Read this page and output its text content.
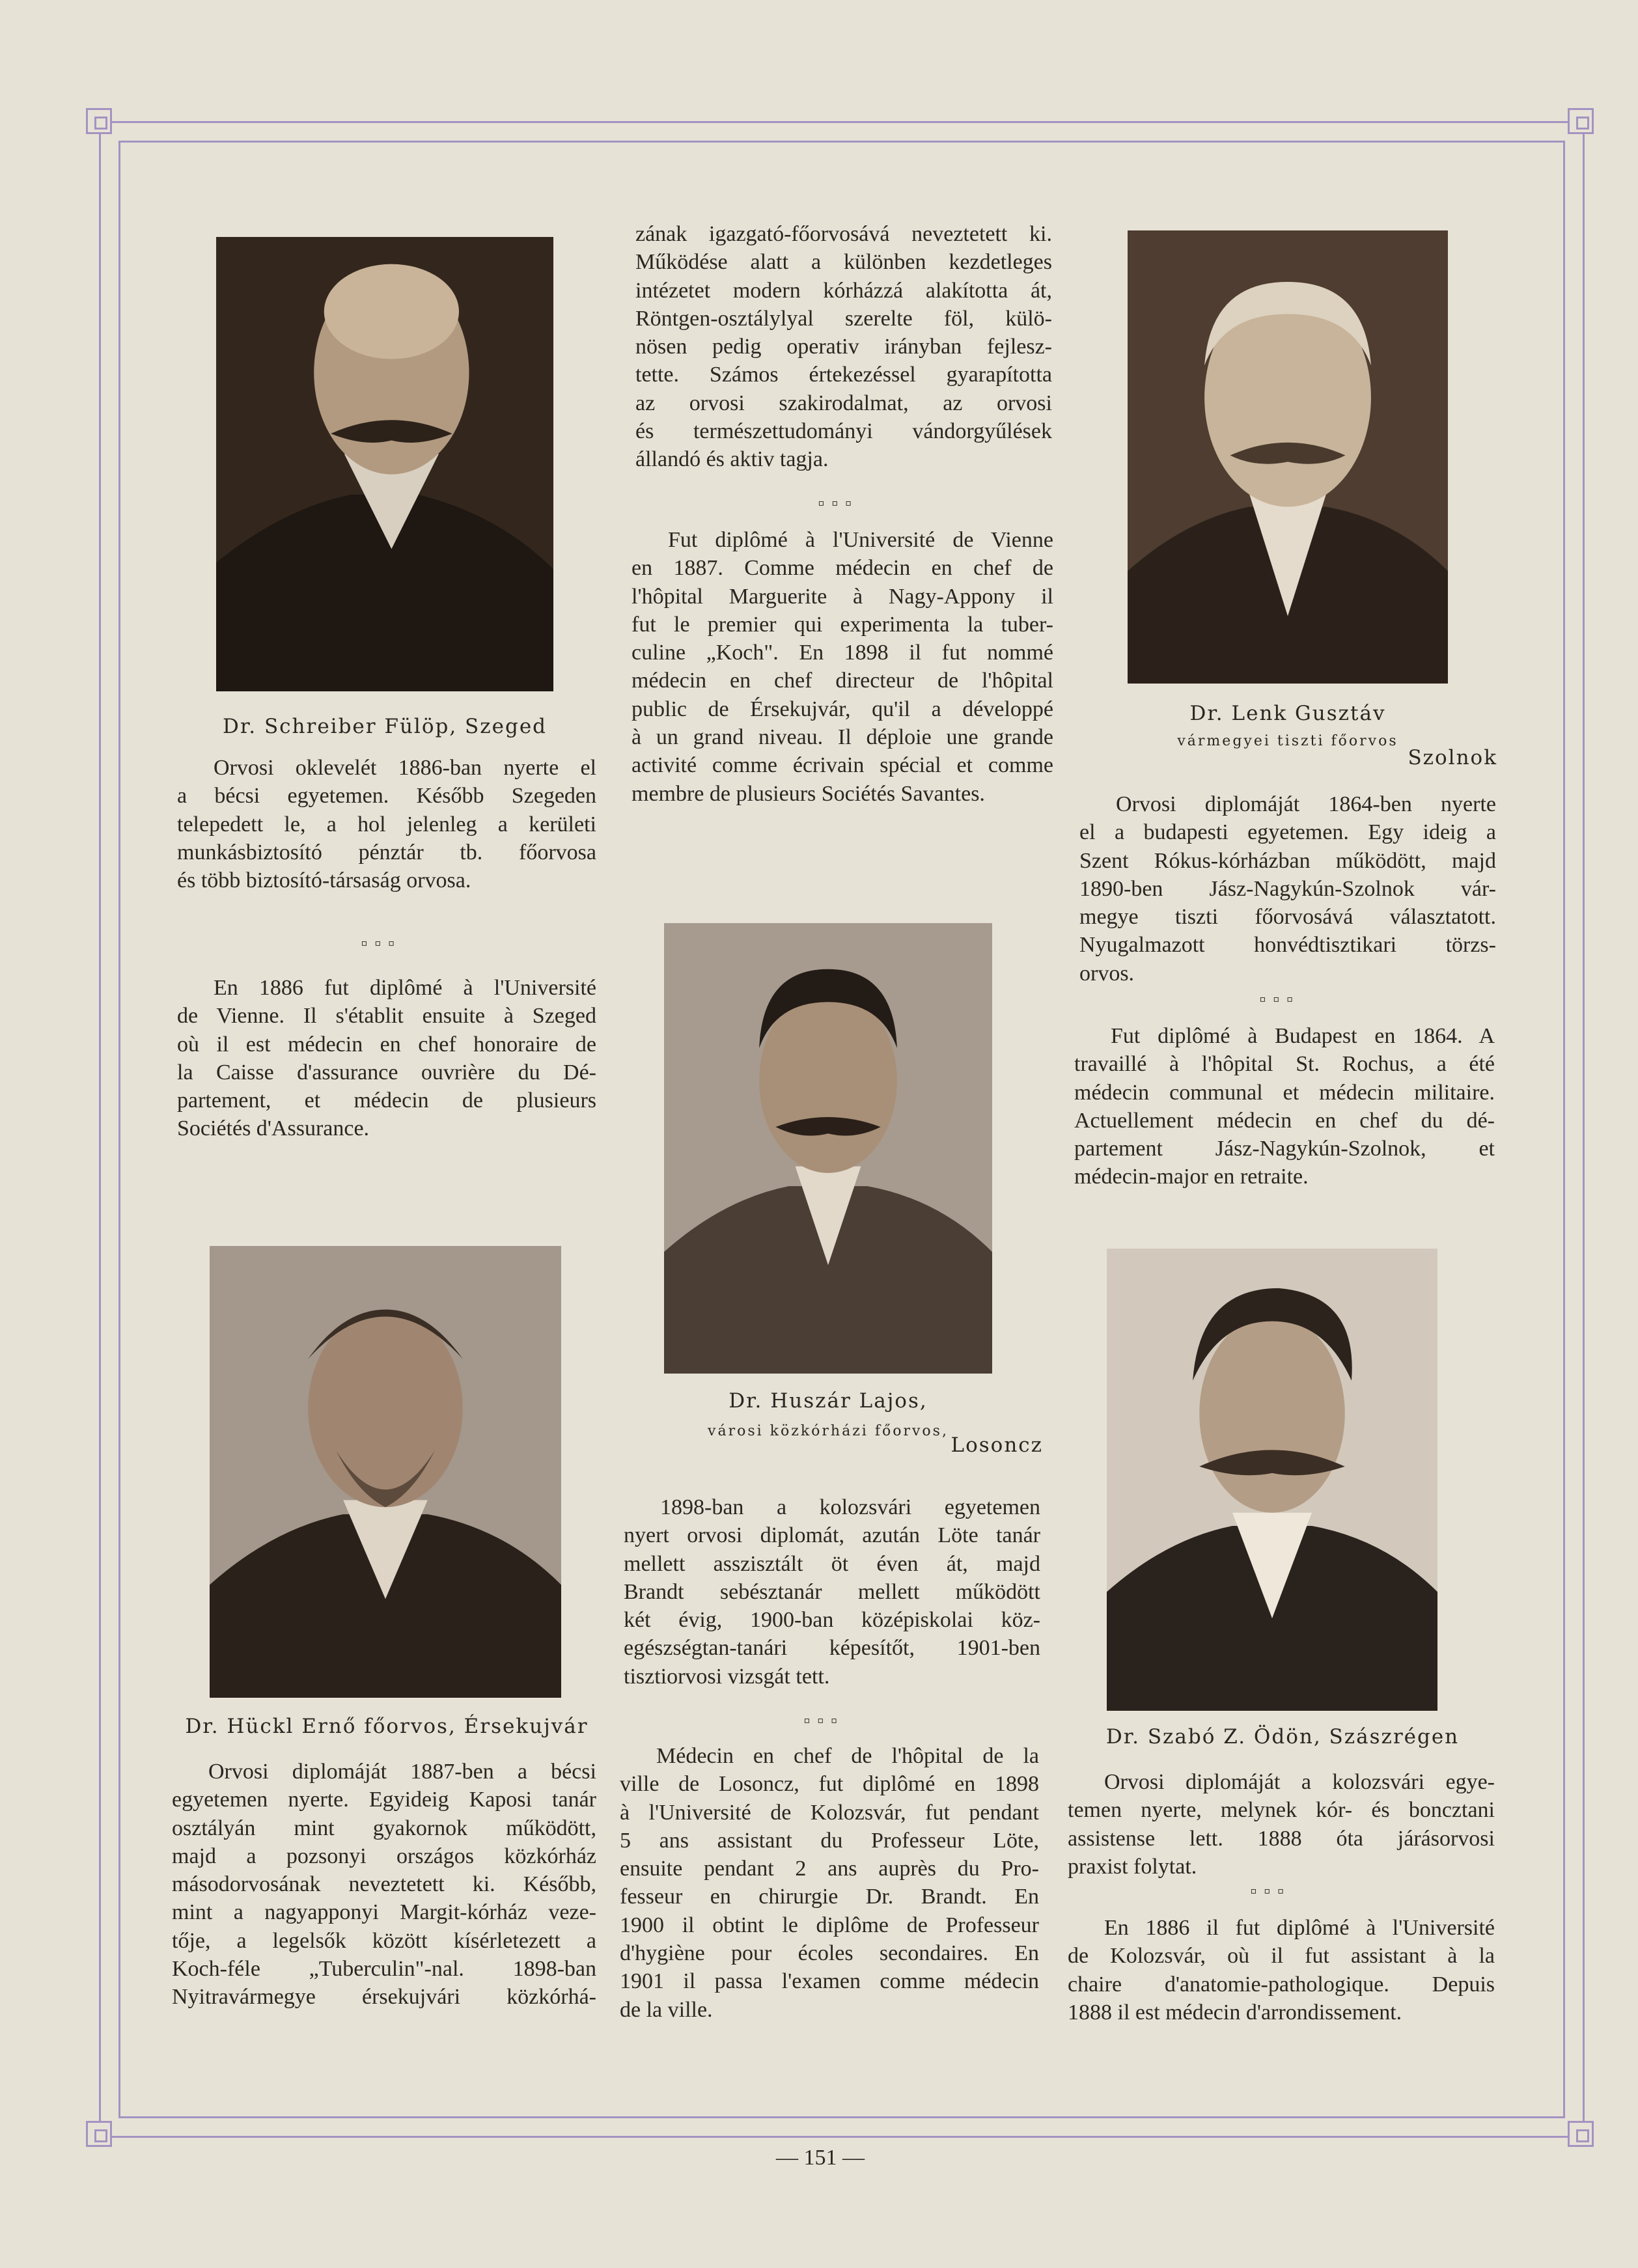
Dr. Schreiber Fülöp, Szeged
Orvosi oklevelét 1886-ban nyerte el
a bécsi egyetemen. Később Szegeden
telepedett le, a hol jelenleg a kerületi
munkásbiztosító pénztár tb. főorvosa
és több biztosító-társaság orvosa.
▫▫▫
En 1886 fut diplômé à l'Université
de Vienne. Il s'établit ensuite à Szeged
où il est médecin en chef honoraire de
la Caisse d'assurance ouvrière du Dé-
partement, et médecin de plusieurs
Sociétés d'Assurance.
Dr. Hückl Ernő főorvos, Érsekujvár
Orvosi diplomáját 1887-ben a bécsi
egyetemen nyerte. Egyideig Kaposi tanár
osztályán mint gyakornok működött,
majd a pozsonyi országos közkórház
másodorvosának neveztetett ki. Később,
mint a nagyapponyi Margit-kórház veze-
tője, a legelsők között kísérletezett a
Koch-féle „Tuberculin"-nal. 1898-ban
Nyitravármegye érsekujvári közkórhá-
zának igazgató-főorvosává neveztetett ki.
Működése alatt a különben kezdetleges
intézetet modern kórházzá alakította át,
Röntgen-osztálylyal szerelte föl, külö-
nösen pedig operativ irányban fejlesz-
tette. Számos értekezéssel gyarapította
az orvosi szakirodalmat, az orvosi
és természettudományi vándorgyűlések
állandó és aktiv tagja.
▫▫▫
Fut diplômé à l'Université de Vienne
en 1887. Comme médecin en chef de
l'hôpital Marguerite à Nagy-Appony il
fut le premier qui experimenta la tuber-
culine „Koch". En 1898 il fut nommé
médecin en chef directeur de l'hôpital
public de Érsekujvár, qu'il a développé
à un grand niveau. Il déploie une grande
activité comme écrivain spécial et comme
membre de plusieurs Sociétés Savantes.
Dr. Huszár Lajos,
városi közkórházi főorvos,
Losoncz
1898-ban a kolozsvári egyetemen
nyert orvosi diplomát, azután Löte tanár
mellett asszisztált öt éven át, majd
Brandt sebésztanár mellett működött
két évig, 1900-ban középiskolai köz-
egészségtan-tanári képesítőt, 1901-ben
tisztiorvosi vizsgát tett.
▫▫▫
Médecin en chef de l'hôpital de la
ville de Losoncz, fut diplômé en 1898
à l'Université de Kolozsvár, fut pendant
5 ans assistant du Professeur Löte,
ensuite pendant 2 ans auprès du Pro-
fesseur en chirurgie Dr. Brandt. En
1900 il obtint le diplôme de Professeur
d'hygiène pour écoles secondaires. En
1901 il passa l'examen comme médecin
de la ville.
Dr. Lenk Gusztáv
vármegyei tiszti főorvos
Szolnok
Orvosi diplomáját 1864-ben nyerte
el a budapesti egyetemen. Egy ideig a
Szent Rókus-kórházban működött, majd
1890-ben Jász-Nagykún-Szolnok vár-
megye tiszti főorvosává választatott.
Nyugalmazott honvédtisztikari törzs-
orvos.
▫▫▫
Fut diplômé à Budapest en 1864. A
travaillé à l'hôpital St. Rochus, a été
médecin communal et médecin militaire.
Actuellement médecin en chef du dé-
partement Jász-Nagykún-Szolnok, et
médecin-major en retraite.
Dr. Szabó Z. Ödön, Szászrégen
Orvosi diplomáját a kolozsvári egye-
temen nyerte, melynek kór- és boncztani
assistense lett. 1888 óta járásorvosi
praxist folytat.
▫▫▫
En 1886 il fut diplômé à l'Université
de Kolozsvár, où il fut assistant à la
chaire d'anatomie-pathologique. Depuis
1888 il est médecin d'arrondissement.
— 151 —
